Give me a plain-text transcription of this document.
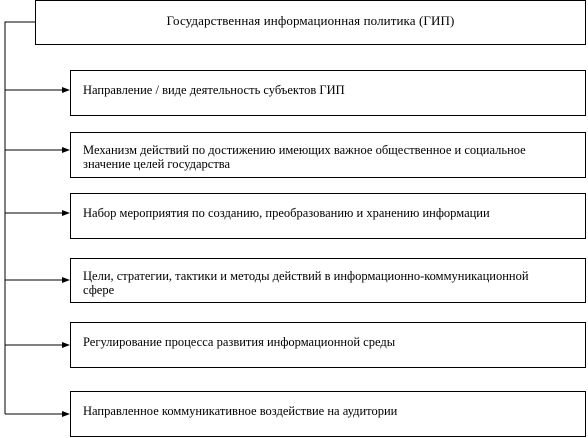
Государственная информационная политика (ГИП)
Направление / виде деятельность субъектов ГИП
Механизм действий по достижению имеющих важное общественное и социальное значение целей государства
Набор мероприятия по созданию, преобразованию и хранению информации
Цели, стратегии, тактики и методы действий в информационно-коммуникационной сфере
Регулирование процесса развития информационной среды
Направленное коммуникативное воздействие на аудитории
